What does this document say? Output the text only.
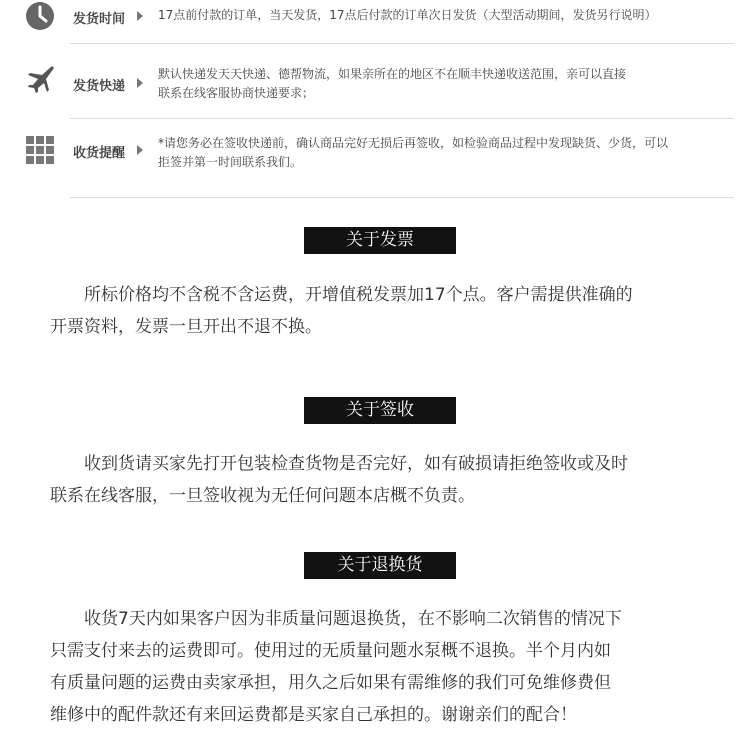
发货时间	17点前付款的订单，当天发货，17点后付款的订单次日发货（大型活动期间，发货另行说明）
发货快递
默认快递发天天快递、德帮物流，如果亲所在的地区不在顺丰快递收送范围，亲可以直接
联系在线客服协商快递要求；
收货提醒
*请您务必在签收快递前，确认商品完好无损后再签收，如检验商品过程中发现缺货、少货，可以
拒签并第一时间联系我们。
关于发票
所标价格均不含税不含运费，开增值税发票加17个点。客户需提供准确的
开票资料，发票一旦开出不退不换。
关于签收
收到货请买家先打开包装检查货物是否完好，如有破损请拒绝签收或及时
联系在线客服，一旦签收视为无任何问题本店概不负责。
关于退换货
收货7天内如果客户因为非质量问题退换货，在不影响二次销售的情况下
只需支付来去的运费即可。使用过的无质量问题水泵概不退换。半个月内如
有质量问题的运费由卖家承担，用久之后如果有需维修的我们可免维修费但
维修中的配件款还有来回运费都是买家自己承担的。谢谢亲们的配合！
